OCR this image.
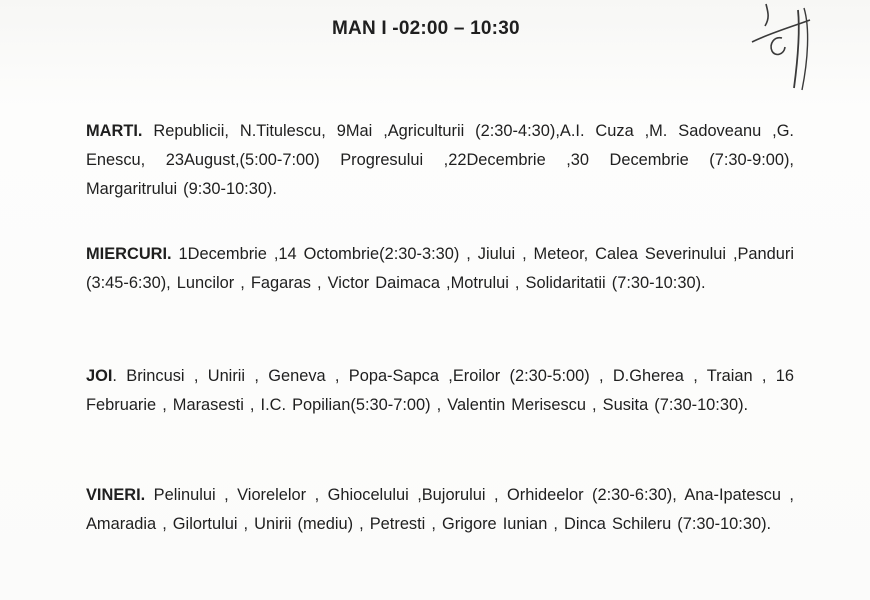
MAN I -02:00 – 10:30
MARTI. Republicii, N.Titulescu, 9Mai ,Agriculturii (2:30-4:30),A.I. Cuza ,M. Sadoveanu ,G. Enescu, 23August,(5:00-7:00) Progresului ,22Decembrie ,30 Decembrie (7:30-9:00), Margaritrului (9:30-10:30).
MIERCURI. 1Decembrie ,14 Octombrie(2:30-3:30) , Jiului , Meteor, Calea Severinului ,Panduri (3:45-6:30), Luncilor , Fagaras , Victor Daimaca ,Motrului , Solidaritatii (7:30-10:30).
JOI. Brincusi , Unirii , Geneva , Popa-Sapca ,Eroilor (2:30-5:00) , D.Gherea , Traian , 16 Februarie , Marasesti , I.C. Popilian(5:30-7:00) , Valentin Merisescu , Susita (7:30-10:30).
VINERI. Pelinului , Viorelelor , Ghiocelului ,Bujorului , Orhideelor (2:30-6:30), Ana-Ipatescu , Amaradia , Gilortului , Unirii (mediu) , Petresti , Grigore Iunian , Dinca Schileru (7:30-10:30).
